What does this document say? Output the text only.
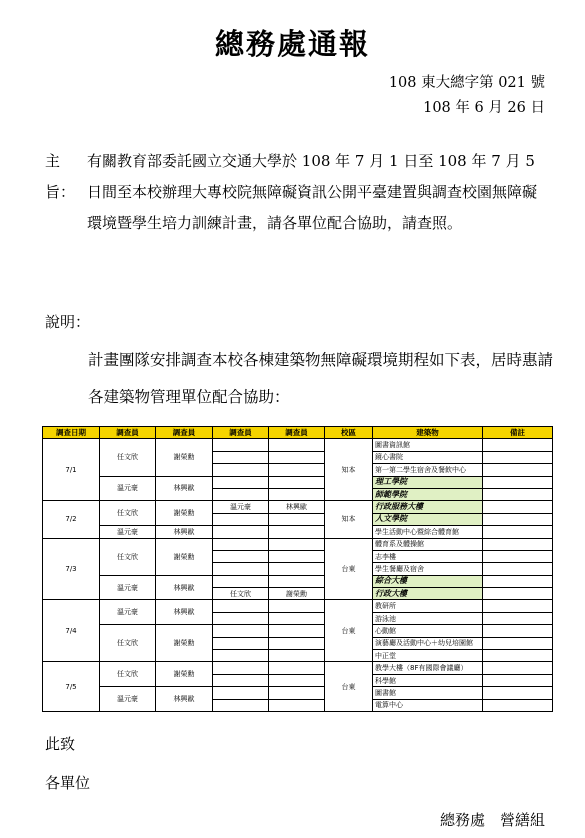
總務處通報
108 東大總字第 021 號
108 年 6 月 26 日
主旨：
有關教育部委託國立交通大學於 108 年 7 月 1 日至 108 年 7 月 5 日間至本校辦理大專校院無障礙資訊公開平臺建置與調查校園無障礙環境暨學生培力訓練計畫，請各單位配合協助，請查照。
說明：
計畫團隊安排調查本校各棟建築物無障礙環境期程如下表，居時惠請各建築物管理單位配合協助：
調查日期	調查員	調查員	調查員	調查員	校區	建築物	備註
7/1	任文欣	謝榮勳			知本	圖書資訊館	
						鏡心書院	
						第一第二學生宿舍及餐飲中心	
	溫元豪	林興歐				理工學院	
						師範學院	
7/2	任文欣	謝榮勳	溫元豪	林興歐	知本	行政服務大樓	
						人文學院	
	溫元豪	林興歐				學生活動中心暨綜合體育館	
7/3	任文欣	謝榮勳			台東	體育系及體操館	
						志李樓	
						學生餐廳及宿舍	
	溫元豪	林興歐				綜合大樓	
			任文欣	謝榮勳		行政大樓	
7/4	溫元豪	林興歐			台東	教研所	
						游泳池	
	任文欣	謝榮勳				心動館	
						演藝廳及活動中心＋幼兒培園館	
						中正堂	
7/5	任文欣	謝榮勳			台東	教學大樓（8F有國際會議廳）	
						科學館	
	溫元豪	林興歐				圖書館	
						電算中心	
此致
各單位
總務處　營繕組
